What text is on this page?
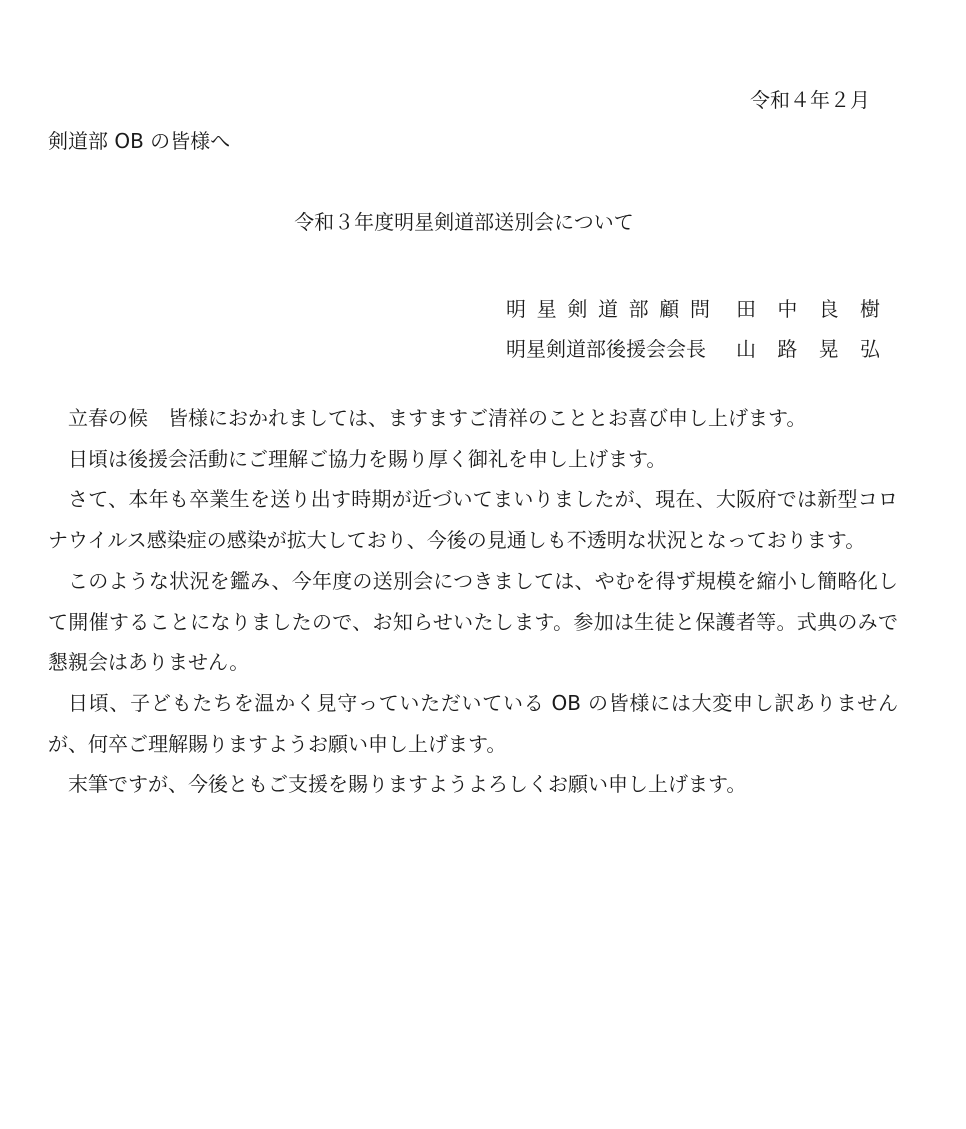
令和４年２月
剣道部 OB の皆様へ
令和３年度明星剣道部送別会について
明 星 剣 道 部 顧 問 田 中 良 樹
明星剣道部後援会会長 山 路 晃 弘

立春の候　皆様におかれましては、ますますご清祥のこととお喜び申し上げます。

日頃は後援会活動にご理解ご協力を賜り厚く御礼を申し上げます。

さて、本年も卒業生を送り出す時期が近づいてまいりましたが、現在、大阪府では新型コロナウイルス感染症の感染が拡大しており、今後の見通しも不透明な状況となっております。

このような状況を鑑み、今年度の送別会につきましては、やむを得ず規模を縮小し簡略化して開催することになりましたので、お知らせいたします。参加は生徒と保護者等。式典のみで懇親会はありません。

日頃、子どもたちを温かく見守っていただいている OB の皆様には大変申し訳ありませんが、何卒ご理解賜りますようお願い申し上げます。

末筆ですが、今後ともご支援を賜りますようよろしくお願い申し上げます。
